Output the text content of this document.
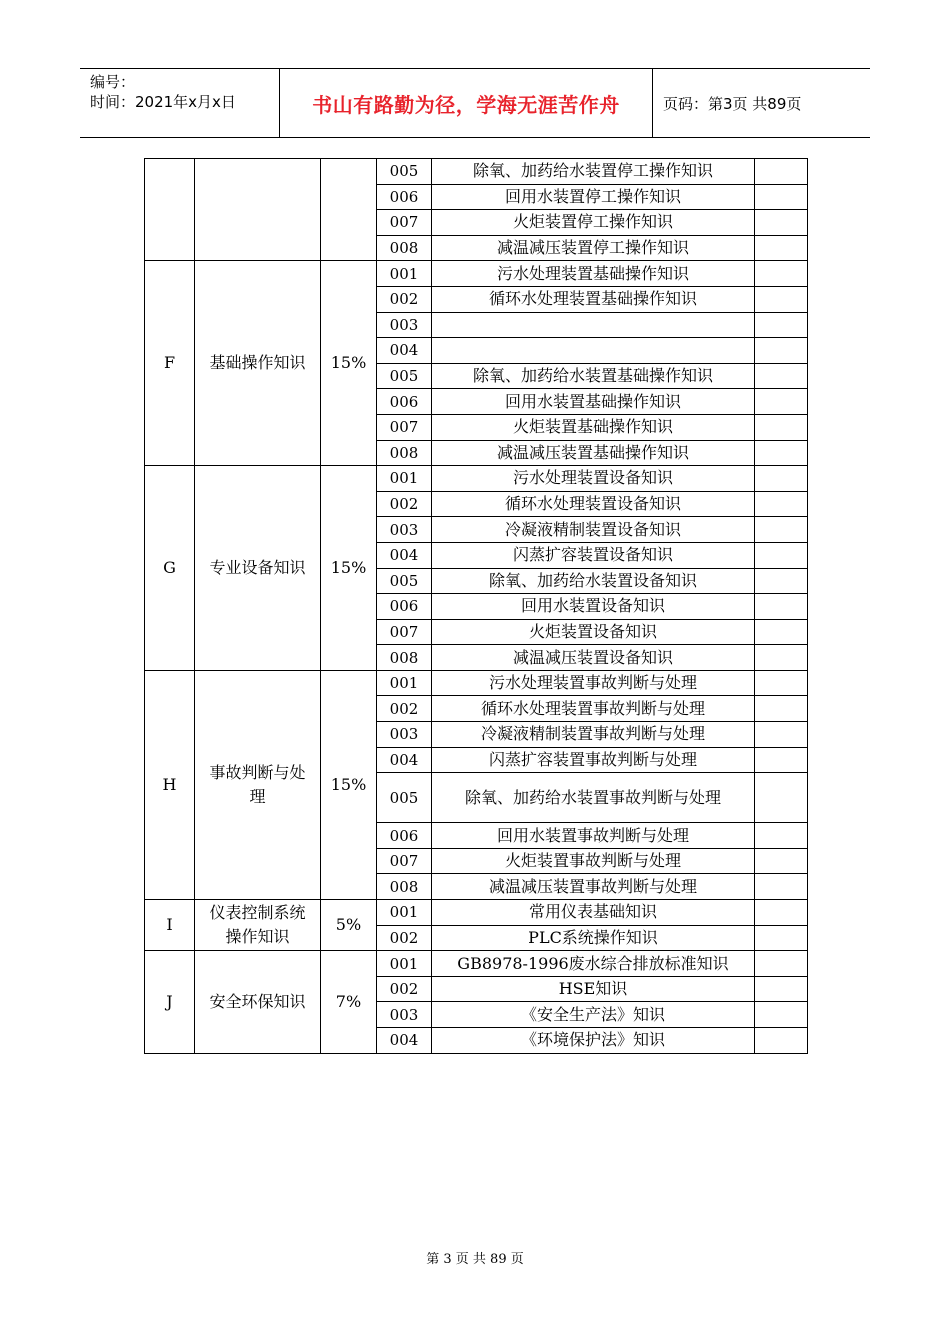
编号：
时间：2021年x月x日	书山有路勤为径，学海无涯苦作舟	页码：第3页 共89页
			005	除氧、加药给水装置停工操作知识	
			006	回用水装置停工操作知识	
			007	火炬装置停工操作知识	
			008	减温减压装置停工操作知识	
F	基础操作知识	15%	001	污水处理装置基础操作知识	
			002	循环水处理装置基础操作知识	
			003		
			004		
			005	除氧、加药给水装置基础操作知识	
			006	回用水装置基础操作知识	
			007	火炬装置基础操作知识	
			008	减温减压装置基础操作知识	
G	专业设备知识	15%	001	污水处理装置设备知识	
			002	循环水处理装置设备知识	
			003	冷凝液精制装置设备知识	
			004	闪蒸扩容装置设备知识	
			005	除氧、加药给水装置设备知识	
			006	回用水装置设备知识	
			007	火炬装置设备知识	
			008	减温减压装置设备知识	
H	事故判断与处理	15%	001	污水处理装置事故判断与处理	
			002	循环水处理装置事故判断与处理	
			003	冷凝液精制装置事故判断与处理	
			004	闪蒸扩容装置事故判断与处理	
			005	除氧、加药给水装置事故判断与处理	
			006	回用水装置事故判断与处理	
			007	火炬装置事故判断与处理	
			008	减温减压装置事故判断与处理	
I	仪表控制系统操作知识	5%	001	常用仪表基础知识	
			002	PLC系统操作知识	
J	安全环保知识	7%	001	GB8978-1996废水综合排放标准知识	
			002	HSE知识	
			003	《安全生产法》知识	
			004	《环境保护法》知识	
第 3 页 共 89 页
